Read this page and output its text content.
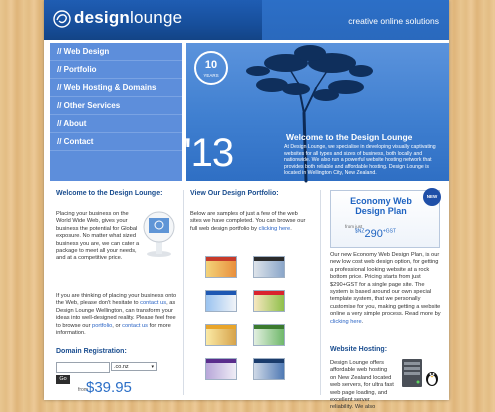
designlounge	creative online solutions
// Web Design
// Portfolio
// Web Hosting & Domains
// Other Services
// About
// Contact
10
YEARS
'13	Welcome to the Design Lounge
At Design Lounge, we specialise in developing visually captivating websites for all types and sizes of business, both locally and nationwide. We also run a powerful website hosting network that provides both reliable and affordable hosting. Design Lounge is located in Wellington City, New Zealand.
Welcome to the Design Lounge:

Placing your business on the World Wide Web, gives your business the potential for Global exposure. No matter what sized business you are, we can cater a package to meet all your needs, and at a competitive price.

If you are thinking of placing your business onto the Web, please don't hesitate to contact us, as Design Lounge Wellington, can transform your ideas into well-designed reality. Please feel free to browse our portfolio, or contact us for more information.

Domain Registration:
.co.nz	▾
Go
from
$39.95
View Our Design Portfolio:

Below are samples of just a few of the web sites we have completed. You can browse our full web design portfolio by clicking here.

Economy Web Design Plan
from just
$^{\$NZ}290^{+GST}$
NEW

Our new Economy Web Design Plan, is our new low cost web design option, for getting a professional looking website at a rock bottom price. Pricing starts from just $290+GST for a single page site. The system is based around our own special template system, that we personally customise for you, making getting a website online a very simple process. Read more by clicking here.

Website Hosting:

Design Lounge offers affordable web hosting on New Zealand located web servers, for ultra fast web page loading, and excellent server reliability. We also
